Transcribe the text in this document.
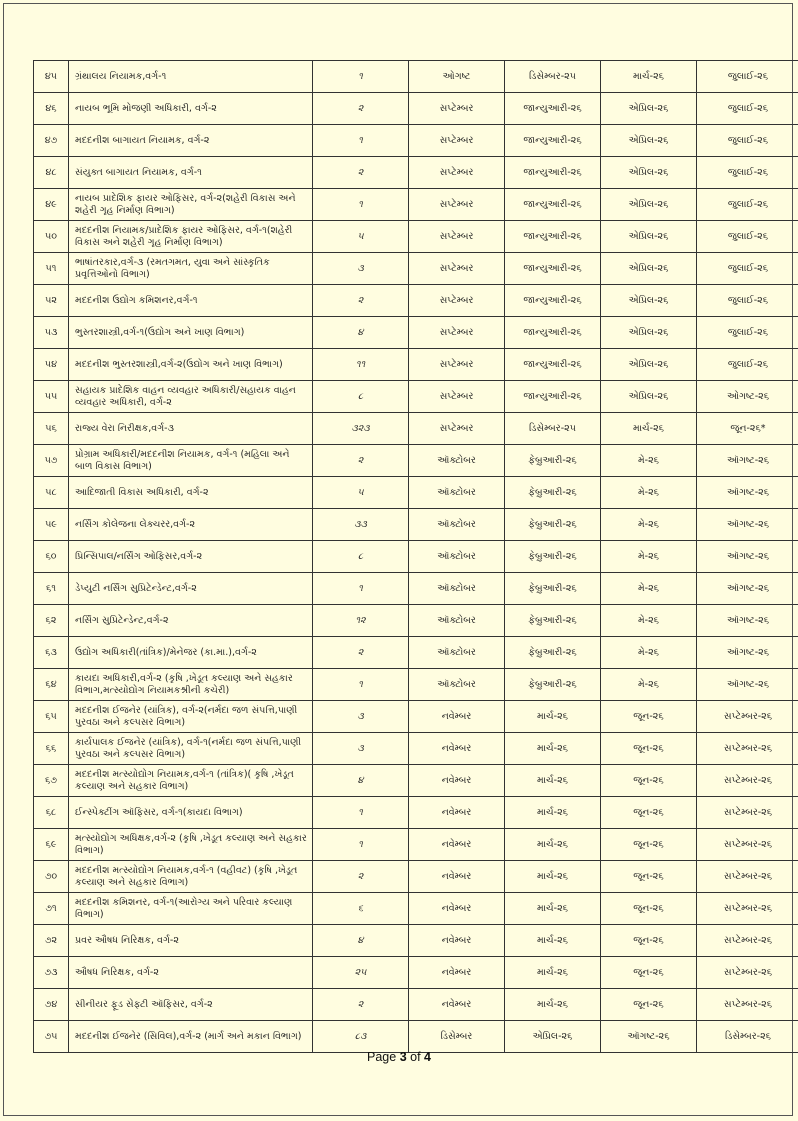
૪૫	ગ્રંથાલય નિયામક,વર્ગ-૧	૧	ઓગષ્ટ	ડિસેમ્બર-૨૫	માર્ચ-૨૬	જુલાઈ-૨૬
૪૬	નાયબ ભૂમિ મોજણી અધિકારી, વર્ગ-૨	૨	સપ્ટેમ્બર	જાન્યુઆરી-૨૬	એપ્રિલ-૨૬	જુલાઈ-૨૬
૪૭	મદદનીશ બાગાયત નિયામક, વર્ગ-૨	૧	સપ્ટેમ્બર	જાન્યુઆરી-૨૬	એપ્રિલ-૨૬	જુલાઈ-૨૬
૪૮	સંયુક્ત બાગાયત નિયામક, વર્ગ-૧	૨	સપ્ટેમ્બર	જાન્યુઆરી-૨૬	એપ્રિલ-૨૬	જુલાઈ-૨૬
૪૯	નાયબ પ્રાદેશિક ફાયર ઓફિસર, વર્ગ-૨(શહેરી વિકાસ અને શહેરી ગૃહ નિર્માણ વિભાગ)	૧	સપ્ટેમ્બર	જાન્યુઆરી-૨૬	એપ્રિલ-૨૬	જુલાઈ-૨૬
૫૦	મદદનીશ નિયામક/પ્રાદેશિક ફાયર ઓફિસર, વર્ગ-૧(શહેરી વિકાસ અને શહેરી ગૃહ નિર્માણ વિભાગ)	૫	સપ્ટેમ્બર	જાન્યુઆરી-૨૬	એપ્રિલ-૨૬	જુલાઈ-૨૬
૫૧	ભાષાંતરકાર,વર્ગ-૩ (રમતગમત, યુવા અને સાંસ્કૃતિક પ્રવૃત્તિઓનો વિભાગ)	૩	સપ્ટેમ્બર	જાન્યુઆરી-૨૬	એપ્રિલ-૨૬	જુલાઈ-૨૬
૫૨	મદદનીશ ઉદ્યોગ કમિશનર,વર્ગ-૧	૨	સપ્ટેમ્બર	જાન્યુઆરી-૨૬	એપ્રિલ-૨૬	જુલાઈ-૨૬
૫૩	ભુસ્તરશાસ્ત્રી,વર્ગ-૧(ઉદ્યોગ અને ખાણ વિભાગ)	૪	સપ્ટેમ્બર	જાન્યુઆરી-૨૬	એપ્રિલ-૨૬	જુલાઈ-૨૬
૫૪	મદદનીશ ભુસ્તરશાસ્ત્રી,વર્ગ-૨(ઉદ્યોગ અને ખાણ વિભાગ)	૧૧	સપ્ટેમ્બર	જાન્યુઆરી-૨૬	એપ્રિલ-૨૬	જુલાઈ-૨૬
૫૫	સહાયક પ્રાદેશિક વાહન વ્યવહાર અધિકારી/સહાયક વાહન વ્યવહાર અધિકારી, વર્ગ-૨	૮	સપ્ટેમ્બર	જાન્યુઆરી-૨૬	એપ્રિલ-૨૬	ઓગષ્ટ-૨૬
૫૬	રાજ્ય વેરા નિરીક્ષક,વર્ગ-૩	૩૨૩	સપ્ટેમ્બર	ડિસેમ્બર-૨૫	માર્ચ-૨૬	જૂન-૨૬*
૫૭	પ્રોગ્રામ અધિકારી/મદદનીશ નિયામક, વર્ગ-૧ (મહિલા અને બાળ વિકાસ વિભાગ)	૨	ઑક્ટોબર	ફેબ્રુઆરી-૨૬	મે-૨૬	ઑગષ્ટ-૨૬
૫૮	આદિજાતી વિકાસ અધિકારી, વર્ગ-૨	૫	ઑક્ટોબર	ફેબ્રુઆરી-૨૬	મે-૨૬	ઑગષ્ટ-૨૬
૫૯	નર્સિંગ કોલેજના લેક્ચરર,વર્ગ-૨	૩૩	ઑક્ટોબર	ફેબ્રુઆરી-૨૬	મે-૨૬	ઑગષ્ટ-૨૬
૬૦	પ્રિન્સિપાલ/નર્સિંગ ઓફિસર,વર્ગ-૨	૮	ઑક્ટોબર	ફેબ્રુઆરી-૨૬	મે-૨૬	ઑગષ્ટ-૨૬
૬૧	ડેપ્યુટી નર્સિંગ સુપ્રિટેન્ડેન્ટ,વર્ગ-૨	૧	ઑક્ટોબર	ફેબ્રુઆરી-૨૬	મે-૨૬	ઑગષ્ટ-૨૬
૬૨	નર્સિંગ સુપ્રિટેન્ડેન્ટ,વર્ગ-૨	૧૨	ઑક્ટોબર	ફેબ્રુઆરી-૨૬	મે-૨૬	ઑગષ્ટ-૨૬
૬૩	ઉદ્યોગ અધિકારી(તાંત્રિક)/મેનેજર (કા.મા.),વર્ગ-૨	૨	ઑક્ટોબર	ફેબ્રુઆરી-૨૬	મે-૨૬	ઑગષ્ટ-૨૬
૬૪	કાયદા અધિકારી,વર્ગ-૨ (કૃષિ ,ખેડૂત કલ્યાણ અને સહકાર વિભાગ,મત્સ્યોદ્યોગ નિયામકશ્રીની કચેરી)	૧	ઑક્ટોબર	ફેબ્રુઆરી-૨૬	મે-૨૬	ઑગષ્ટ-૨૬
૬૫	મદદનીશ ઈજનેર (યાંત્રિક), વર્ગ-૨(નર્મદા જળ સંપત્તિ,પાણી પુરવઠા અને કલ્પસર વિભાગ)	૩	નવેમ્બર	માર્ચ-૨૬	જૂન-૨૬	સપ્ટેમ્બર-૨૬
૬૬	કાર્યપાલક ઈજનેર (યાંત્રિક), વર્ગ-૧(નર્મદા જળ સંપત્તિ,પાણી પુરવઠા અને કલ્પસર વિભાગ)	૩	નવેમ્બર	માર્ચ-૨૬	જૂન-૨૬	સપ્ટેમ્બર-૨૬
૬૭	મદદનીશ મત્સ્યોદ્યોગ નિયામક,વર્ગ-૧ (તાંત્રિક)( કૃષિ ,ખેડૂત કલ્યાણ અને સહકાર વિભાગ)	૪	નવેમ્બર	માર્ચ-૨૬	જૂન-૨૬	સપ્ટેમ્બર-૨૬
૬૮	ઈન્સ્પેક્ટીંગ ઑફિસર, વર્ગ-૧(કાયદા વિભાગ)	૧	નવેમ્બર	માર્ચ-૨૬	જૂન-૨૬	સપ્ટેમ્બર-૨૬
૬૯	મત્સ્યોદ્યોગ અધિક્ષક,વર્ગ-૨ (કૃષિ ,ખેડૂત કલ્યાણ અને સહકાર વિભાગ)	૧	નવેમ્બર	માર્ચ-૨૬	જૂન-૨૬	સપ્ટેમ્બર-૨૬
૭૦	મદદનીશ મત્સ્યોદ્યોગ નિયામક,વર્ગ-૧ (વહીવટ) (કૃષિ ,ખેડૂત કલ્યાણ અને સહકાર વિભાગ)	૨	નવેમ્બર	માર્ચ-૨૬	જૂન-૨૬	સપ્ટેમ્બર-૨૬
૭૧	મદદનીશ કમિશનર, વર્ગ-૧(આરોગ્ય અને પરિવાર કલ્યાણ વિભાગ)	૬	નવેમ્બર	માર્ચ-૨૬	જૂન-૨૬	સપ્ટેમ્બર-૨૬
૭૨	પ્રવર ઔષધ નિરિક્ષક, વર્ગ-૨	૪	નવેમ્બર	માર્ચ-૨૬	જૂન-૨૬	સપ્ટેમ્બર-૨૬
૭૩	ઔષધ નિરિક્ષક, વર્ગ-૨	૨૫	નવેમ્બર	માર્ચ-૨૬	જૂન-૨૬	સપ્ટેમ્બર-૨૬
૭૪	સીનીયર ફૂડ સેફ્ટી ઑફિસર, વર્ગ-૨	૨	નવેમ્બર	માર્ચ-૨૬	જૂન-૨૬	સપ્ટેમ્બર-૨૬
૭૫	મદદનીશ ઈજનેર (સિવિલ),વર્ગ-૨ (માર્ગ અને મકાન વિભાગ)	૮૩	ડિસેમ્બર	એપ્રિલ-૨૬	ઑગષ્ટ-૨૬	ડિસેમ્બર-૨૬
Page 3 of 4
